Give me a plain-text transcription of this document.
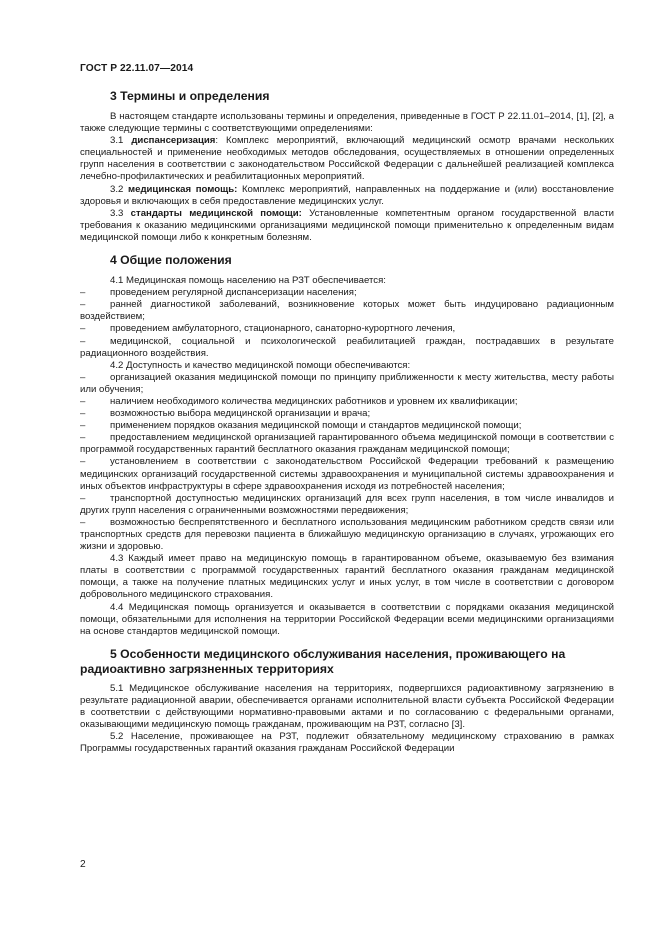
ГОСТ Р 22.11.07—2014
3 Термины и определения

В настоящем стандарте использованы термины и определения, приведенные в ГОСТ Р 22.11.01–2014, [1], [2], а также следующие термины с соответствующими определениями:

3.1 диспансеризация: Комплекс мероприятий, включающий медицинский осмотр врачами нескольких специальностей и применение необходимых методов обследования, осуществляемых в отношении определенных групп населения в соответствии с законодательством Российской Федерации с дальнейшей реализацией комплекса лечебно-профилактических и реабилитационных мероприятий.

3.2 медицинская помощь: Комплекс мероприятий, направленных на поддержание и (или) восстановление здоровья и включающих в себя предоставление медицинских услуг.

3.3 стандарты медицинской помощи: Установленные компетентным органом государственной власти требования к оказанию медицинскими организациями медицинской помощи применительно к определенным видам медицинской помощи либо к конкретным болезням.

4 Общие положения

4.1 Медицинская помощь населению на РЗТ обеспечивается:

–	проведением регулярной диспансеризации населения;

–	ранней диагностикой заболеваний, возникновение которых может быть индуцировано радиационным воздействием;

–	проведением амбулаторного, стационарного, санаторно-курортного лечения,

–	медицинской, социальной и психологической реабилитацией граждан, пострадавших в результате радиационного воздействия.

4.2 Доступность и качество медицинской помощи обеспечиваются:

–	организацией оказания медицинской помощи по принципу приближенности к месту жительства, месту работы или обучения;

–	наличием необходимого количества медицинских работников и уровнем их квалификации;

–	возможностью выбора медицинской организации и врача;

–	применением порядков оказания медицинской помощи и стандартов медицинской помощи;

–	предоставлением медицинской организацией гарантированного объема медицинской помощи в соответствии с программой государственных гарантий бесплатного оказания гражданам медицинской помощи;

–	установлением в соответствии с законодательством Российской Федерации требований к размещению медицинских организаций государственной системы здравоохранения и муниципальной системы здравоохранения и иных объектов инфраструктуры в сфере здравоохранения исходя из потребностей населения;

–	транспортной доступностью медицинских организаций для всех групп населения, в том числе инвалидов и других групп населения с ограниченными возможностями передвижения;

–	возможностью беспрепятственного и бесплатного использования медицинским работником средств связи или транспортных средств для перевозки пациента в ближайшую медицинскую организацию в случаях, угрожающих его жизни и здоровью.

4.3 Каждый имеет право на медицинскую помощь в гарантированном объеме, оказываемую без взимания платы в соответствии с программой государственных гарантий бесплатного оказания гражданам медицинской помощи, а также на получение платных медицинских услуг и иных услуг, в том числе в соответствии с договором добровольного медицинского страхования.

4.4 Медицинская помощь организуется и оказывается в соответствии с порядками оказания медицинской помощи, обязательными для исполнения на территории Российской Федерации всеми медицинскими организациями на основе стандартов медицинской помощи.

5 Особенности медицинского обслуживания населения, проживающего на радиоактивно загрязненных территориях

5.1 Медицинское обслуживание населения на территориях, подвергшихся радиоактивному загрязнению в результате радиационной аварии, обеспечивается органами исполнительной власти субъекта Российской Федерации в соответствии с действующими нормативно-правовыми актами и по согласованию с федеральными органами, оказывающими медицинскую помощь гражданам, проживающим на РЗТ, согласно [3].

5.2 Население, проживающее на РЗТ, подлежит обязательному медицинскому страхованию в рамках Программы государственных гарантий оказания гражданам Российской Федерации

2
